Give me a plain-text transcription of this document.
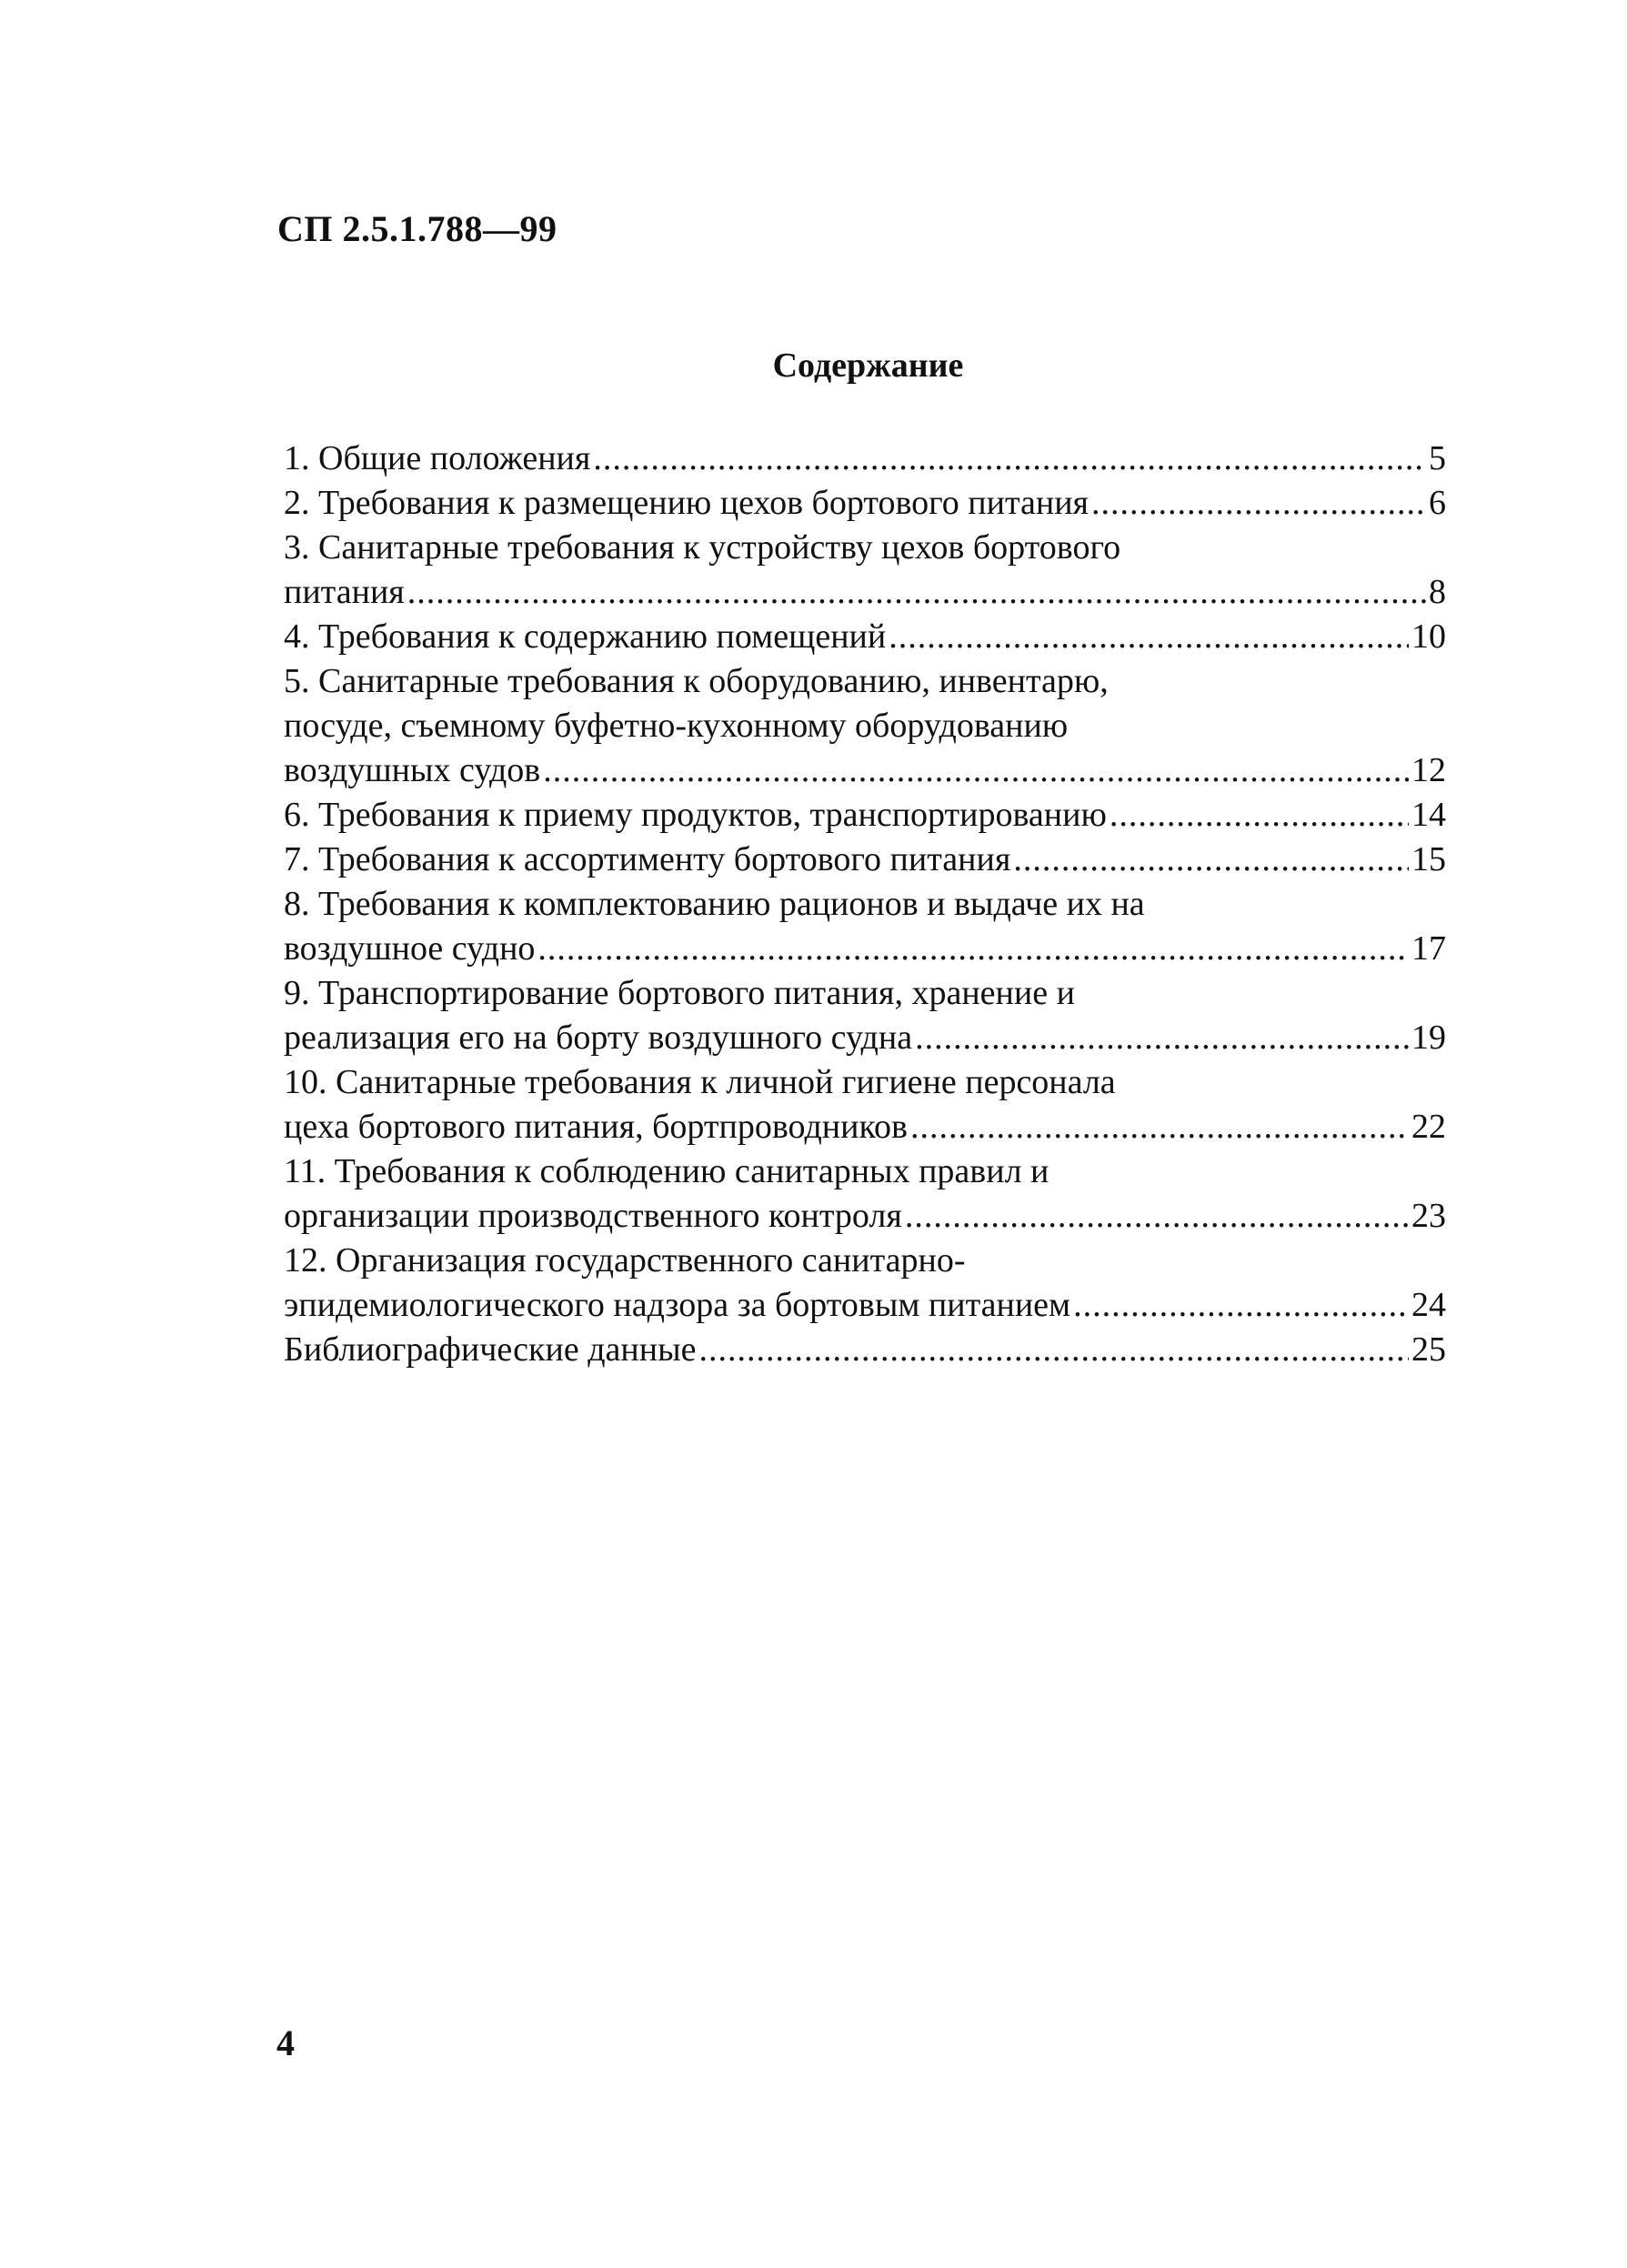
СП 2.5.1.788—99
Содержание
1. Общие положения .....	5
2. Требования к размещению цехов бортового питания .....	6
3. Санитарные требования к устройству цехов бортового
питания .....	8
4. Требования к содержанию помещений .....	10
5. Санитарные требования к оборудованию, инвентарю,
посуде, съемному буфетно-кухонному оборудованию
воздушных судов .....	12
6. Требования к приему продуктов, транспортированию .....	14
7. Требования к ассортименту бортового питания .....	15
8. Требования к комплектованию рационов и выдаче их на
воздушное судно .....	17
9. Транспортирование бортового питания, хранение и
реализация его на борту воздушного судна .....	19
10. Санитарные требования к личной гигиене персонала
цеха бортового питания, бортпроводников .....	22
11. Требования к соблюдению санитарных правил и
организации производственного контроля .....	23
12. Организация государственного санитарно-
эпидемиологического надзора за бортовым питанием .....	24
Библиографические данные .....	25
4
